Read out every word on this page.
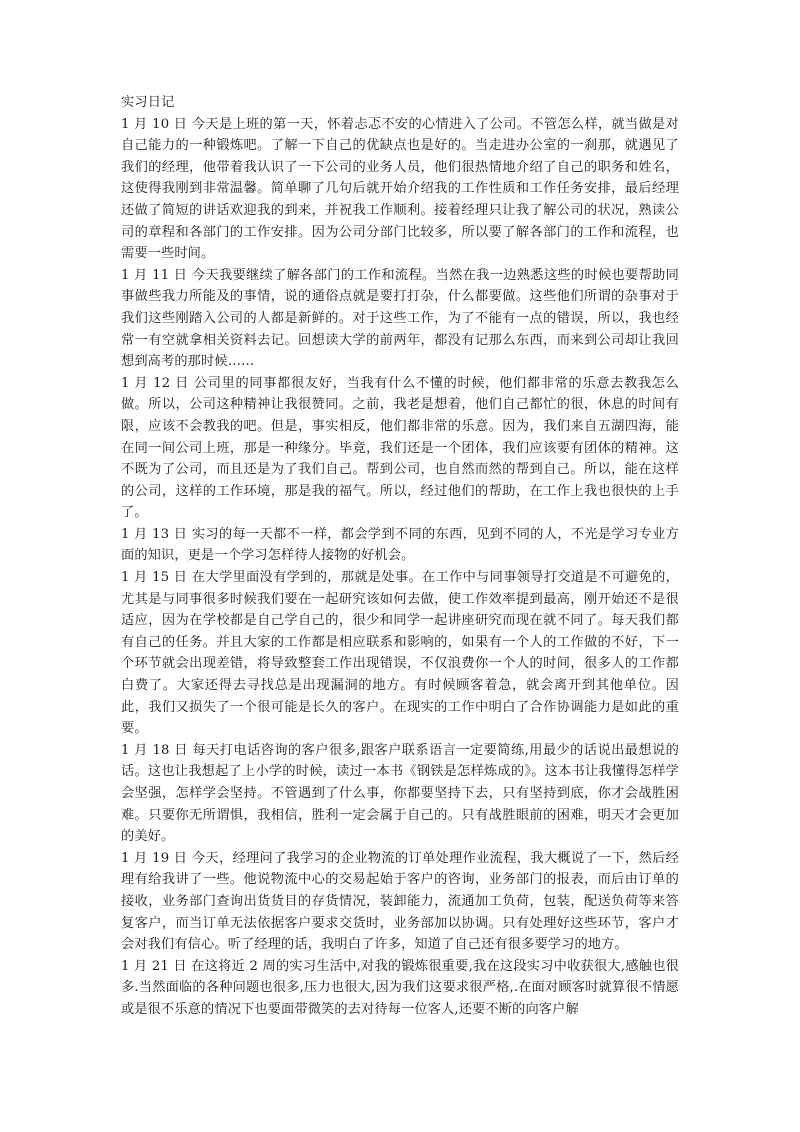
实习日记
1 月 10 日 今天是上班的第一天，怀着忐忑不安的心情进入了公司。不管怎么样，就当做是对自己能力的一种锻炼吧。了解一下自己的优缺点也是好的。当走进办公室的一刹那，就遇见了我们的经理，他带着我认识了一下公司的业务人员，他们很热情地介绍了自己的职务和姓名，这使得我刚到非常温馨。简单聊了几句后就开始介绍我的工作性质和工作任务安排，最后经理还做了简短的讲话欢迎我的到来，并祝我工作顺利。接着经理只让我了解公司的状况，熟读公司的章程和各部门的工作安排。因为公司分部门比较多，所以要了解各部门的工作和流程，也需要一些时间。
1 月 11 日 今天我要继续了解各部门的工作和流程。当然在我一边熟悉这些的时候也要帮助同事做些我力所能及的事情，说的通俗点就是要打打杂，什么都要做。这些他们所谓的杂事对于我们这些刚踏入公司的人都是新鲜的。对于这些工作，为了不能有一点的错误，所以，我也经常一有空就拿相关资料去记。回想读大学的前两年，都没有记那么东西，而来到公司却让我回想到高考的那时候……
1 月 12 日 公司里的同事都很友好，当我有什么不懂的时候，他们都非常的乐意去教我怎么做。所以，公司这种精神让我很赞同。之前，我老是想着，他们自己都忙的很，休息的时间有限，应该不会教我的吧。但是，事实相反，他们都非常的乐意。因为，我们来自五湖四海，能在同一间公司上班，那是一种缘分。毕竟，我们还是一个团体，我们应该要有团体的精神。这不既为了公司，而且还是为了我们自己。帮到公司，也自然而然的帮到自己。所以，能在这样的公司，这样的工作环境，那是我的福气。所以，经过他们的帮助，在工作上我也很快的上手了。
1 月 13 日 实习的每一天都不一样，都会学到不同的东西，见到不同的人，不光是学习专业方面的知识，更是一个学习怎样待人接物的好机会。
1 月 15 日 在大学里面没有学到的，那就是处事。在工作中与同事领导打交道是不可避免的，尤其是与同事很多时候我们要在一起研究该如何去做，使工作效率提到最高，刚开始还不是很适应，因为在学校都是自己学自己的，很少和同学一起讲座研究而现在就不同了。每天我们都有自己的任务。并且大家的工作都是相应联系和影响的，如果有一个人的工作做的不好，下一个环节就会出现差错，将导致整套工作出现错误，不仅浪费你一个人的时间，很多人的工作都白费了。大家还得去寻找总是出现漏洞的地方。有时候顾客着急，就会离开到其他单位。因此，我们又损失了一个很可能是长久的客户。在现实的工作中明白了合作协调能力是如此的重要。
1 月 18 日 每天打电话咨询的客户很多,跟客户联系语言一定要简练,用最少的话说出最想说的话。这也让我想起了上小学的时候，读过一本书《钢铁是怎样炼成的》。这本书让我懂得怎样学会坚强，怎样学会坚持。不管遇到了什么事，你都要坚持下去，只有坚持到底，你才会战胜困难。只要你无所谓惧，我相信，胜利一定会属于自己的。只有战胜眼前的困难，明天才会更加的美好。
1 月 19 日 今天，经理问了我学习的企业物流的订单处理作业流程，我大概说了一下，然后经理有给我讲了一些。他说物流中心的交易起始于客户的咨询，业务部门的报表，而后由订单的接收，业务部门查询出货货目的存货情况，装卸能力，流通加工负荷，包装，配送负荷等来答复客户，而当订单无法依据客户要求交货时，业务部加以协调。只有处理好这些环节，客户才会对我们有信心。听了经理的话，我明白了许多，知道了自己还有很多要学习的地方。
1 月 21 日 在这将近 2 周的实习生活中,对我的锻炼很重要,我在这段实习中收获很大,感触也很多.当然面临的各种问题也很多,压力也很大,因为我们这要求很严格,.在面对顾客时就算很不情愿或是很不乐意的情况下也要面带微笑的去对待每一位客人,还要不断的向客户解
